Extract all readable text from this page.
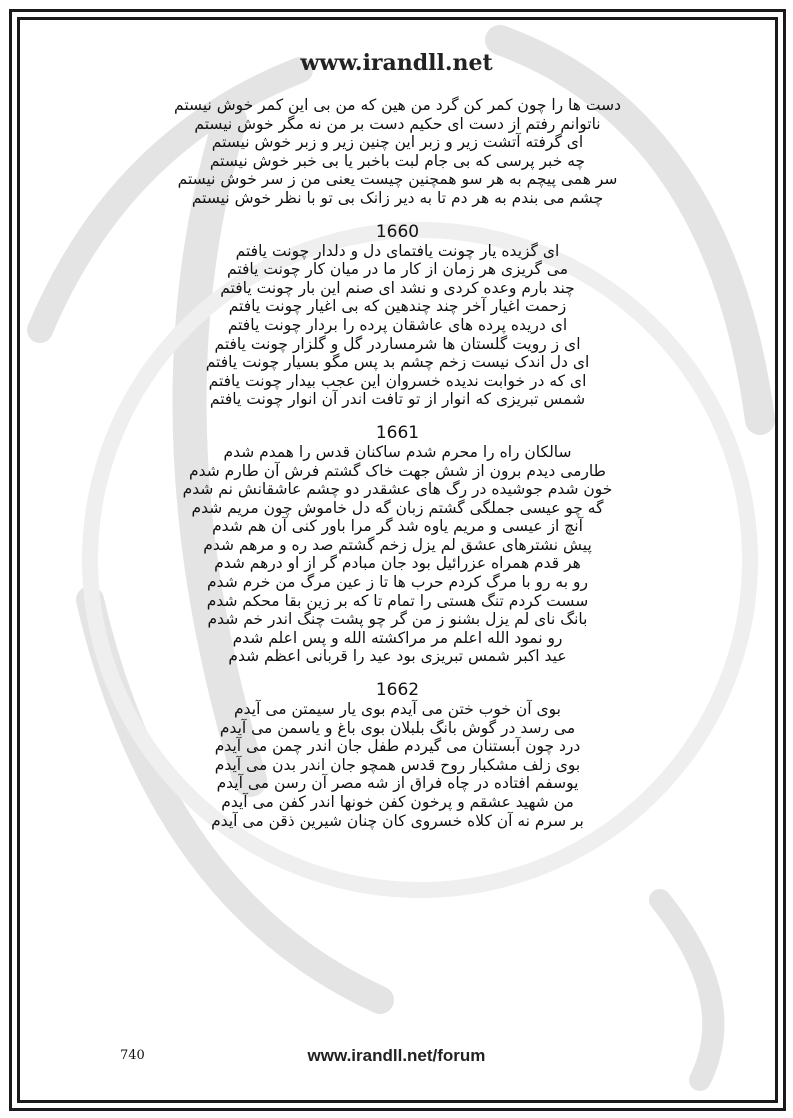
www.irandll.net

دست ها را چون کمر کن گرد من هین که من بی این کمر خوش نیستم

ناتوانم رفتم از دست ای حکیم دست بر من نه مگر خوش نیستم

ای گرفته آتشت زیر و زبر این چنین زیر و زبر خوش نیستم

چه خبر پرسی که بی جام لبت باخبر یا بی خبر خوش نیستم

سر همی پیچم به هر سو همچنین چیست یعنی من ز سر خوش نیستم

چشم می بندم به هر دم تا به دیر زانک بی تو با نظر خوش نیستم

1660

ای گزیده یار چونت یافتمای دل و دلدار چونت یافتم

می گریزی هر زمان از کار ما در میان کار چونت یافتم

چند بارم وعده کردی و نشد ای صنم این بار چونت یافتم

زحمت اغیار آخر چند چندهین که بی اغیار چونت یافتم

ای دریده پرده های عاشقان پرده را بردار چونت یافتم

ای ز رویت گلستان ها شرمساردر گل و گلزار چونت یافتم

ای دل اندک نیست زخم چشم بد پس مگو بسیار چونت یافتم

ای که در خوابت ندیده خسروان این عجب بیدار چونت یافتم

شمس تبریزی که انوار از تو تافت اندر آن انوار چونت یافتم

1661

سالکان راه را محرم شدم ساکنان قدس را همدم شدم

طارمی دیدم برون از شش جهت خاک گشتم فرش آن طارم شدم

خون شدم جوشیده در رگ های عشقدر دو چشم عاشقانش نم شدم

گه چو عیسی جملگی گشتم زبان گه دل خاموش چون مریم شدم

آنچ از عیسی و مریم یاوه شد گر مرا باور کنی آن هم شدم

پیش نشترهای عشق لم یزل زخم گشتم صد ره و مرهم شدم

هر قدم همراه عزرائیل بود جان مبادم گر از او درهم شدم

رو به رو با مرگ کردم حرب ها تا ز عین مرگ من خرم شدم

سست کردم تنگ هستی را تمام تا که بر زین بقا محکم شدم

بانگ نای لم یزل بشنو ز من گر چو پشت چنگ اندر خم شدم

رو نمود الله اعلم مر مراکشته الله و پس اعلم شدم

عید اکبر شمس تبریزی بود عید را قربانی اعظم شدم

1662

بوی آن خوب ختن می آیدم بوی یار سیمتن می آیدم

می رسد در گوش بانگ بلبلان بوی باغ و یاسمن می آیدم

درد چون آبستنان می گیردم طفل جان اندر چمن می آیدم

بوی زلف مشکبار روح قدس همچو جان اندر بدن می آیدم

یوسفم افتاده در چاه فراق از شه مصر آن رسن می آیدم

من شهید عشقم و پرخون کفن خونها اندر کفن می آیدم

بر سرم نه آن کلاه خسروی کان چنان شیرین ذقن می آیدم

740	www.irandll.net/forum
